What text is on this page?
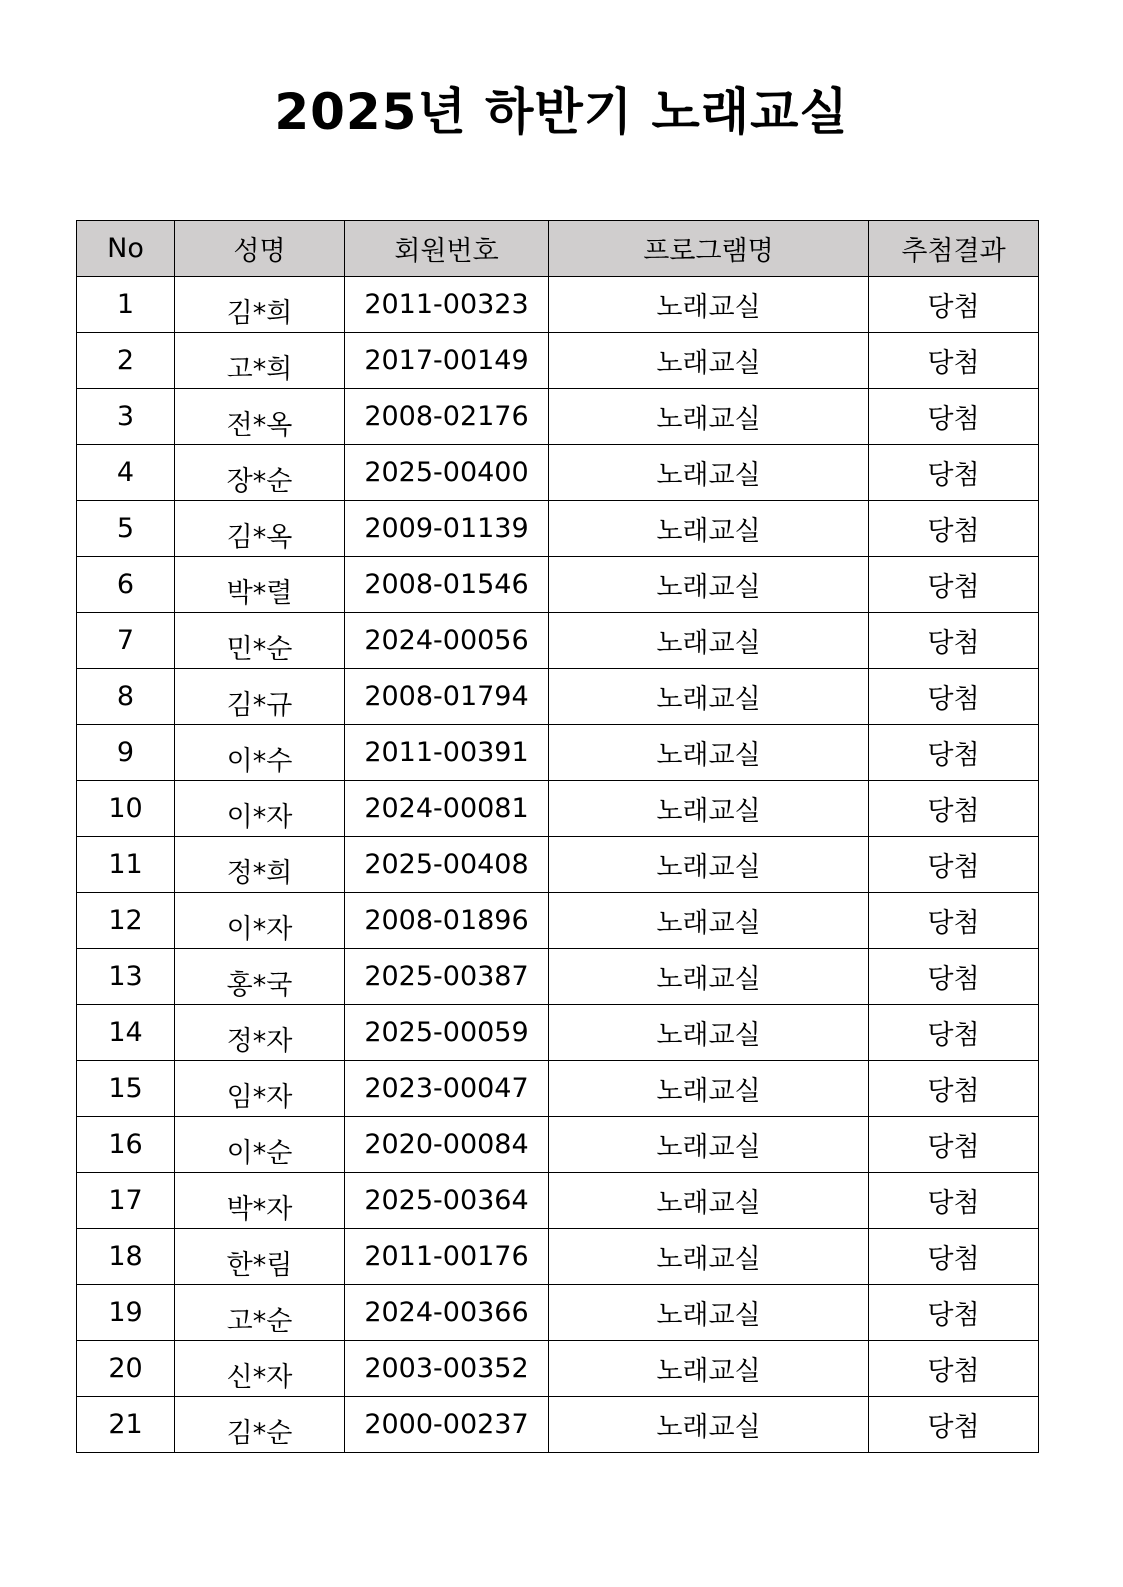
2025년 하반기 노래교실
No	성명	회원번호	프로그램명	추첨결과
1	김*희	2011-00323	노래교실	당첨
2	고*희	2017-00149	노래교실	당첨
3	전*옥	2008-02176	노래교실	당첨
4	장*순	2025-00400	노래교실	당첨
5	김*옥	2009-01139	노래교실	당첨
6	박*렬	2008-01546	노래교실	당첨
7	민*순	2024-00056	노래교실	당첨
8	김*규	2008-01794	노래교실	당첨
9	이*수	2011-00391	노래교실	당첨
10	이*자	2024-00081	노래교실	당첨
11	정*희	2025-00408	노래교실	당첨
12	이*자	2008-01896	노래교실	당첨
13	홍*국	2025-00387	노래교실	당첨
14	정*자	2025-00059	노래교실	당첨
15	임*자	2023-00047	노래교실	당첨
16	이*순	2020-00084	노래교실	당첨
17	박*자	2025-00364	노래교실	당첨
18	한*림	2011-00176	노래교실	당첨
19	고*순	2024-00366	노래교실	당첨
20	신*자	2003-00352	노래교실	당첨
21	김*순	2000-00237	노래교실	당첨
